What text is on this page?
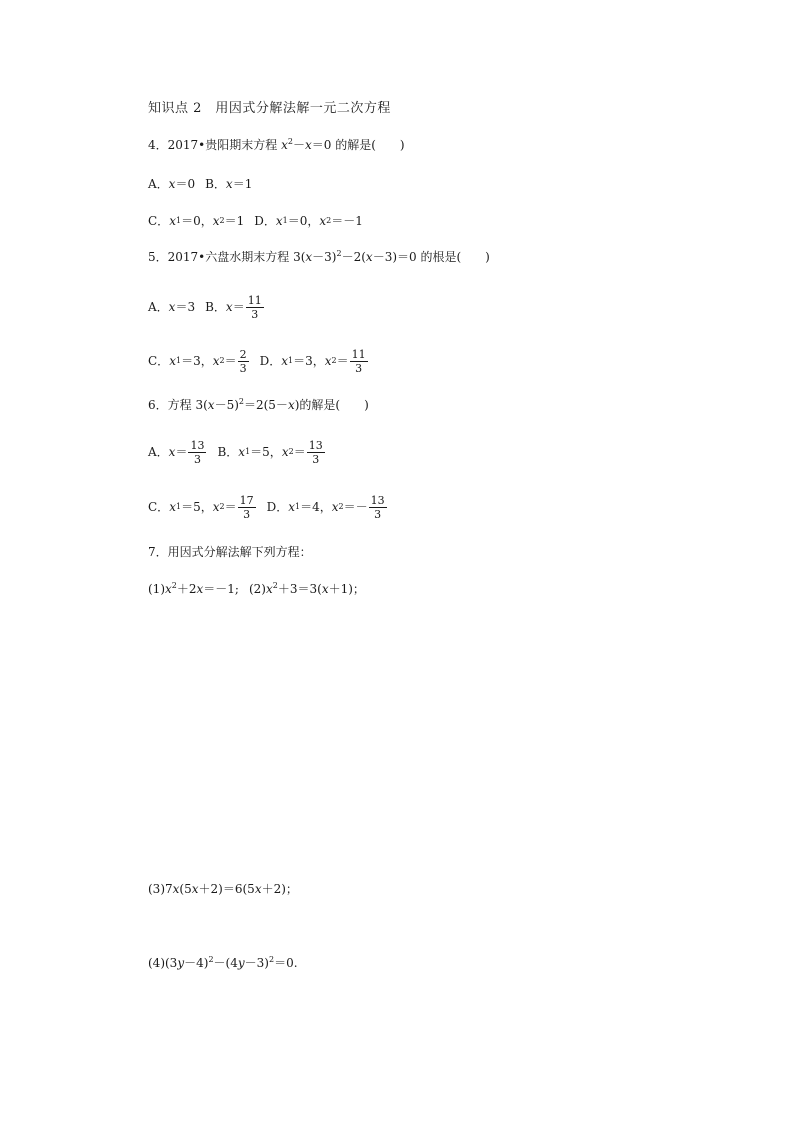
知识点 2　用因式分解法解一元二次方程
4．2017•贵阳期末方程 $x^2-x=0$ 的解是(　　)
A． x ＝0 B． x ＝1
C． x 1 ＝0， x 2 ＝1 D． x 1 ＝0， x 2 ＝－1
5．2017•六盘水期末方程 $3(x-3)^2-2(x-3)=0$ 的根是(　　)
A． x ＝3 B． $x = \frac{11}{3}$
C． x 1 ＝3， x $2 = \frac{2}{3}$ D． x 1 ＝3， x $2 = \frac{11}{3}$
6．方程 $3(x-5)^2=2(5-x)$的解是(　　)
A． $x = \frac{13}{3}$ B． x 1 ＝5， x $2 = \frac{13}{3}$
C． x 1 ＝5， x $2 = \frac{17}{3}$ D． x 1 ＝4， x $2 =- \frac{13}{3}$
7．用因式分解法解下列方程：
$(1)x^2+2x=-1$; $(2)x^2+3=3(x+1)$；
(3)7x(5x＋2)＝6(5x＋2)；
$(4)(3y-4)^2-(4y-3)^2=0$.
